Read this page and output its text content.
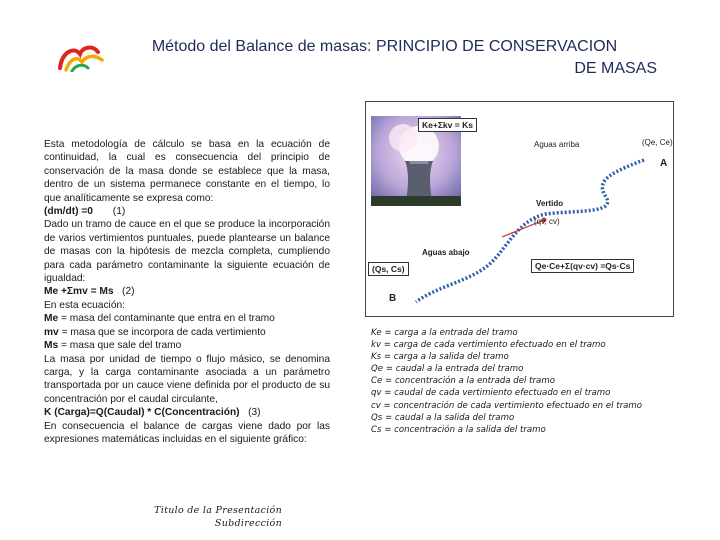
Método del Balance de masas: PRINCIPIO DE CONSERVACION
DE MASAS

Esta metodología de cálculo se basa en la ecuación de continuidad, la cual es consecuencia del principio de conservación de la masa donde se establece que la masa, dentro de un sistema permanece constante en el tiempo, lo que analíticamente se expresa como:

(dm/dt) =0 (1)

Dado un tramo de cauce en el que se produce la incorporación de varios vertimientos puntuales, puede plantearse un balance de masas con la hipótesis de mezcla completa, cumpliendo para cada parámetro contaminante la siguiente ecuación de igualdad:

Me +Σmv = Ms (2)

En esta ecuación:

Me = masa del contaminante que entra en el tramo

mv = masa que se incorpora de cada vertimiento

Ms = masa que sale del tramo

La masa por unidad de tiempo o flujo másico, se denomina carga, y la carga contaminante asociada a un parámetro transportada por un cauce viene definida por el producto de su concentración por el caudal circulante,

K (Carga)=Q(Caudal) * C(Concentración) (3)

En consecuencia el balance de cargas viene dado por las expresiones matemáticas incluidas en el siguiente gráfico:

Ke+Σkv = Ks
Aguas arriba	(Qe, Ce)
A
Vertido
(qv, cv)
Aguas abajo
(Qs, Cs)
B
Qe·Ce+Σ(qv·cv) =Qs·Cs
Ke = carga a la entrada del tramo
kv = carga de cada vertimiento efectuado en el tramo
Ks = carga a la salida del tramo
Qe = caudal a la entrada del tramo
Ce = concentración a la entrada del tramo
qv = caudal de cada vertimiento efectuado en el tramo
cv = concentración de cada vertimiento efectuado en el tramo
Qs = caudal a la salida del tramo
Cs = concentración a la salida del tramo
Titulo de la Presentación
Subdirección
